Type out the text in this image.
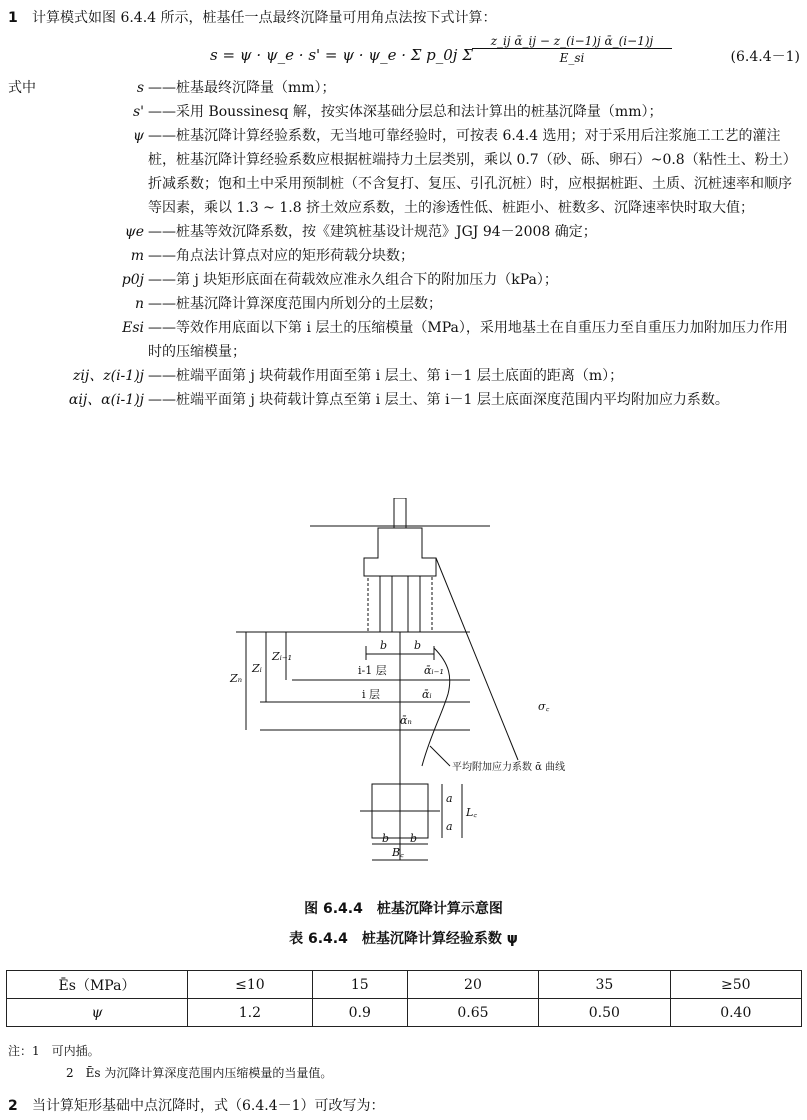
1 计算模式如图 6.4.4 所示，桩基任一点最终沉降量可用角点法按下式计算：
s = ψ · ψ_e · s' = ψ · ψ_e · Σ p_0j Σ $\frac{\text{z\_ij ᾱ\_ij − z\_(i−1)j ᾱ\_(i−1)j}}{E\_si}$	(6.4.4－1)
式中	s ——桩基最终沉降量（mm）；
s' ——采用 Boussinesq 解，按实体深基础分层总和法计算出的桩基沉降量（mm）；
ψ ——桩基沉降计算经验系数，无当地可靠经验时，可按表 6.4.4 选用；对于采用后注浆施工工艺的灌注桩，桩基沉降计算经验系数应根据桩端持力土层类别，乘以 0.7（砂、砾、卵石）~0.8（粘性土、粉土）折减系数；饱和土中采用预制桩（不含复打、复压、引孔沉桩）时，应根据桩距、土质、沉桩速率和顺序等因素，乘以 1.3 ~ 1.8 挤土效应系数，土的渗透性低、桩距小、桩数多、沉降速率快时取大值；
ψe ——桩基等效沉降系数，按《建筑桩基设计规范》JGJ 94－2008 确定；
m ——角点法计算点对应的矩形荷载分块数；
p0j ——第 j 块矩形底面在荷载效应准永久组合下的附加压力（kPa）；
n ——桩基沉降计算深度范围内所划分的土层数；
Esi ——等效作用底面以下第 i 层土的压缩模量（MPa），采用地基土在自重压力至自重压力加附加压力作用时的压缩模量；
zij、z(i-1)j ——桩端平面第 j 块荷载作用面至第 i 层土、第 i－1 层土底面的距离（m）；
αij、α(i-1)j ——桩端平面第 j 块荷载计算点至第 i 层土、第 i－1 层土底面深度范围内平均附加应力系数。
b b
Zₙ
Zᵢ
Zᵢ₋₁
i-1 层
i 层
ᾱᵢ₋₁
ᾱᵢ
ᾱₙ
σ꜀
平均附加应力系数 ᾱ 曲线
a
a
L꜀
b b
B꜀
图 6.4.4　桩基沉降计算示意图
表 6.4.4　桩基沉降计算经验系数 ψ
Ēs（MPa）	≤10	15	20	35	≥50
ψ	1.2	0.9	0.65	0.50	0.40
注：1　可内插。
2　Ēs 为沉降计算深度范围内压缩模量的当量值。
2 当计算矩形基础中点沉降时，式（6.4.4－1）可改写为：
